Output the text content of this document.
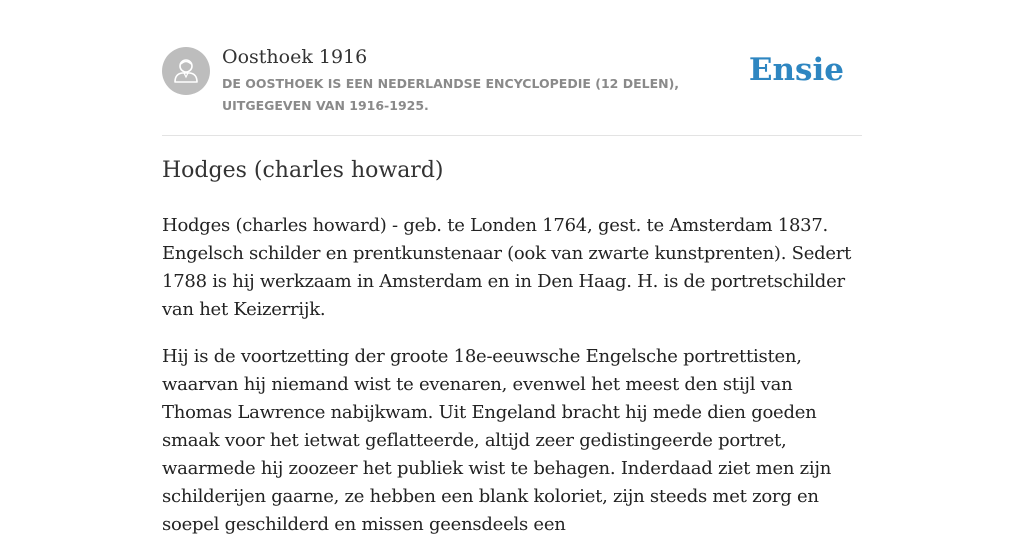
Oosthoek 1916
DE OOSTHOEK IS EEN NEDERLANDSE ENCYCLOPEDIE (12 DELEN), UITGEGEVEN VAN 1916-1925.
Ensie
Hodges (charles howard)

Hodges (charles howard) - geb. te Londen 1764, gest. te Amsterdam 1837. Engelsch schilder en prentkunstenaar (ook van zwarte kunstprenten). Sedert 1788 is hij werkzaam in Amsterdam en in Den Haag. H. is de portretschilder van het Keizerrijk.

Hij is de voortzetting der groote 18e-eeuwsche Engelsche portrettisten, waarvan hij niemand wist te evenaren, evenwel het meest den stijl van Thomas Lawrence nabijkwam. Uit Engeland bracht hij mede dien goeden smaak voor het ietwat geflatteerde, altijd zeer gedistingeerde portret, waarmede hij zoozeer het publiek wist te behagen. Inderdaad ziet men zijn schilderijen gaarne, ze hebben een blank koloriet, zijn steeds met zorg en soepel geschilderd en missen geensdeels een
